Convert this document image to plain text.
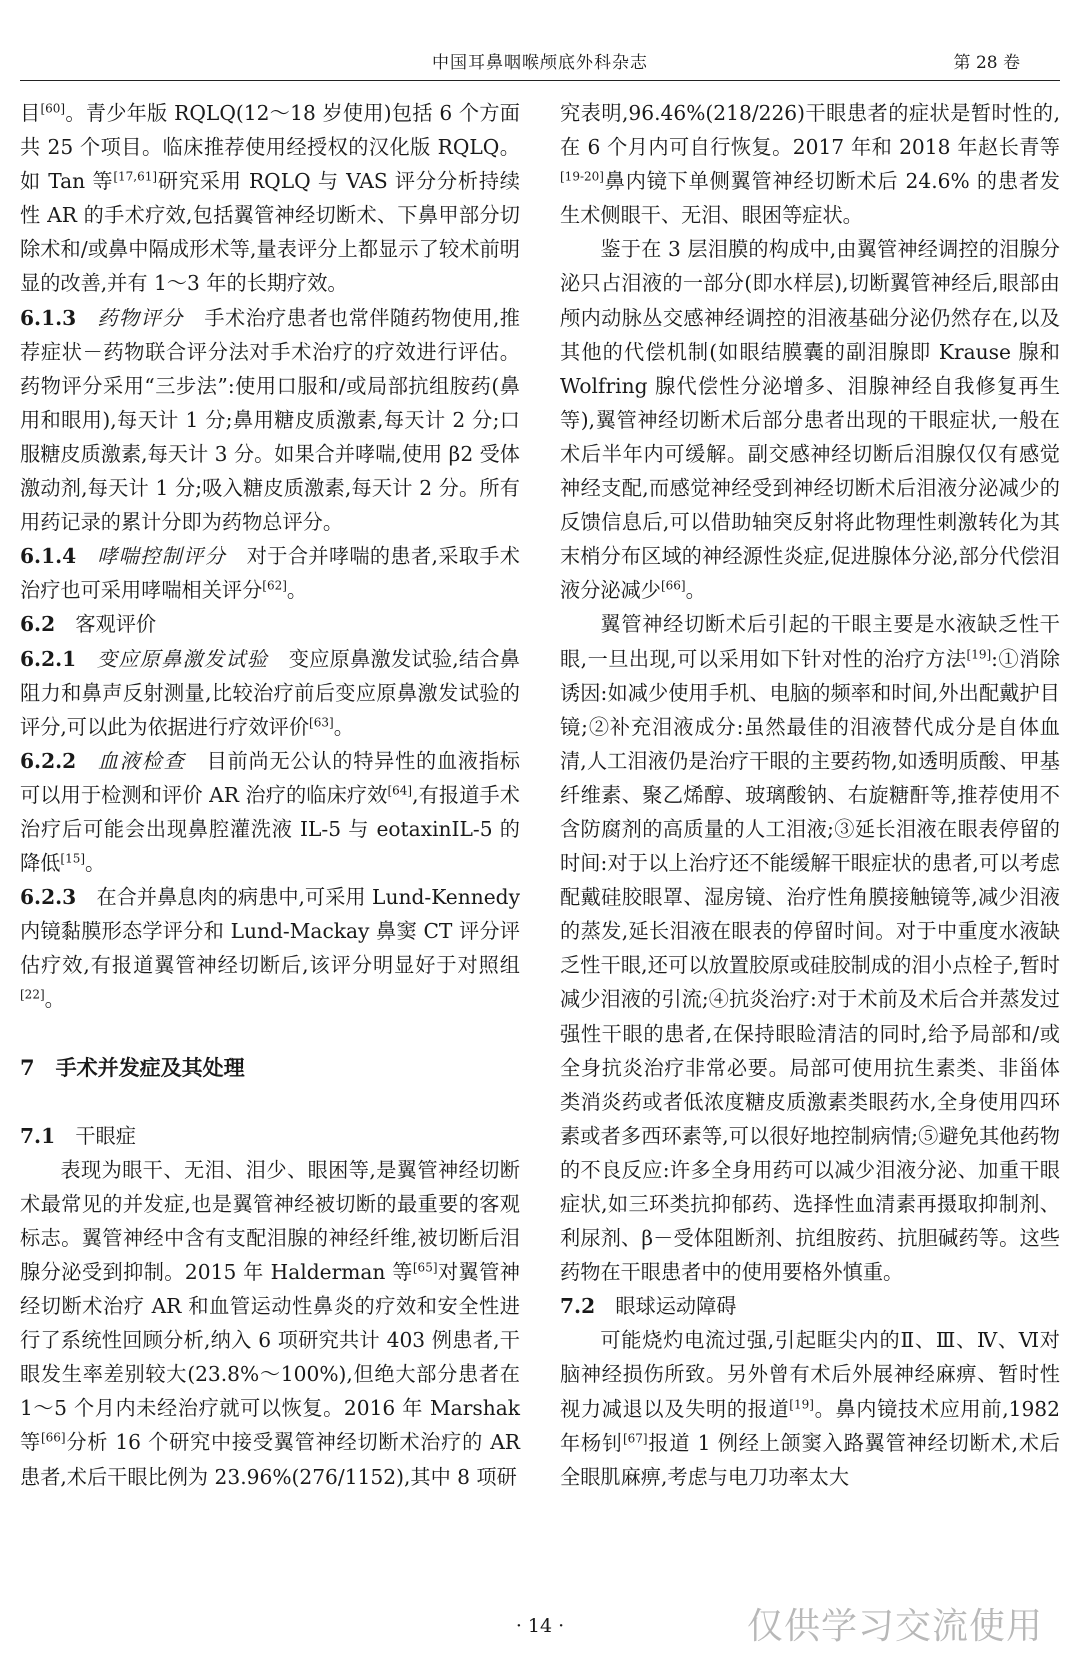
中国耳鼻咽喉颅底外科杂志	第 28 卷

目[60]。青少年版 RQLQ(12～18 岁使用)包括 6 个方面共 25 个项目。临床推荐使用经授权的汉化版 RQLQ。如 Tan 等[17,61]研究采用 RQLQ 与 VAS 评分分析持续性 AR 的手术疗效,包括翼管神经切断术、下鼻甲部分切除术和/或鼻中隔成形术等,量表评分上都显示了较术前明显的改善,并有 1～3 年的长期疗效。

6.1.3　 药物评分　 手术治疗患者也常伴随药物使用,推荐症状－药物联合评分法对手术治疗的疗效进行评估。药物评分采用“三步法”:使用口服和/或局部抗组胺药(鼻用和眼用),每天计 1 分;鼻用糖皮质激素,每天计 2 分;口服糖皮质激素,每天计 3 分。如果合并哮喘,使用 β2 受体激动剂,每天计 1 分;吸入糖皮质激素,每天计 2 分。所有用药记录的累计分即为药物总评分。

6.1.4　 哮喘控制评分　 对于合并哮喘的患者,采取手术治疗也可采用哮喘相关评分[62]。

6.2　 客观评价

6.2.1　 变应原鼻激发试验　 变应原鼻激发试验,结合鼻阻力和鼻声反射测量,比较治疗前后变应原鼻激发试验的评分,可以此为依据进行疗效评价[63]。

6.2.2　 血液检查　 目前尚无公认的特异性的血液指标可以用于检测和评价 AR 治疗的临床疗效[64],有报道手术治疗后可能会出现鼻腔灌洗液 IL-5 与 eotaxinIL-5 的降低[15]。

6.2.3　 在合并鼻息肉的病患中,可采用 Lund-Kennedy 内镜黏膜形态学评分和 Lund-Mackay 鼻窦 CT 评分评估疗效,有报道翼管神经切断后,该评分明显好于对照组[22]。

7　手术并发症及其处理

7.1　 干眼症

表现为眼干、无泪、泪少、眼困等,是翼管神经切断术最常见的并发症,也是翼管神经被切断的最重要的客观标志。翼管神经中含有支配泪腺的神经纤维,被切断后泪腺分泌受到抑制。2015 年 Halderman 等[65]对翼管神经切断术治疗 AR 和血管运动性鼻炎的疗效和安全性进行了系统性回顾分析,纳入 6 项研究共计 403 例患者,干眼发生率差别较大(23.8%～100%),但绝大部分患者在 1～5 个月内未经治疗就可以恢复。2016 年 Marshak 等[66]分析 16 个研究中接受翼管神经切断术治疗的 AR 患者,术后干眼比例为 23.96%(276/1152),其中 8 项研

究表明,96.46%(218/226)干眼患者的症状是暂时性的,在 6 个月内可自行恢复。2017 年和 2018 年赵长青等[19-20]鼻内镜下单侧翼管神经切断术后 24.6% 的患者发生术侧眼干、无泪、眼困等症状。

鉴于在 3 层泪膜的构成中,由翼管神经调控的泪腺分泌只占泪液的一部分(即水样层),切断翼管神经后,眼部由颅内动脉丛交感神经调控的泪液基础分泌仍然存在,以及其他的代偿机制(如眼结膜囊的副泪腺即 Krause 腺和 Wolfring 腺代偿性分泌增多、泪腺神经自我修复再生等),翼管神经切断术后部分患者出现的干眼症状,一般在术后半年内可缓解。副交感神经切断后泪腺仅仅有感觉神经支配,而感觉神经受到神经切断术后泪液分泌减少的反馈信息后,可以借助轴突反射将此物理性刺激转化为其末梢分布区域的神经源性炎症,促进腺体分泌,部分代偿泪液分泌减少[66]。

翼管神经切断术后引起的干眼主要是水液缺乏性干眼,一旦出现,可以采用如下针对性的治疗方法[19]:①消除诱因:如减少使用手机、电脑的频率和时间,外出配戴护目镜;②补充泪液成分:虽然最佳的泪液替代成分是自体血清,人工泪液仍是治疗干眼的主要药物,如透明质酸、甲基纤维素、聚乙烯醇、玻璃酸钠、右旋糖酐等,推荐使用不含防腐剂的高质量的人工泪液;③延长泪液在眼表停留的时间:对于以上治疗还不能缓解干眼症状的患者,可以考虑配戴硅胶眼罩、湿房镜、治疗性角膜接触镜等,减少泪液的蒸发,延长泪液在眼表的停留时间。对于中重度水液缺乏性干眼,还可以放置胶原或硅胶制成的泪小点栓子,暂时减少泪液的引流;④抗炎治疗:对于术前及术后合并蒸发过强性干眼的患者,在保持眼睑清洁的同时,给予局部和/或全身抗炎治疗非常必要。局部可使用抗生素类、非甾体类消炎药或者低浓度糖皮质激素类眼药水,全身使用四环素或者多西环素等,可以很好地控制病情;⑤避免其他药物的不良反应:许多全身用药可以减少泪液分泌、加重干眼症状,如三环类抗抑郁药、选择性血清素再摄取抑制剂、利尿剂、β－受体阻断剂、抗组胺药、抗胆碱药等。这些药物在干眼患者中的使用要格外慎重。

7.2　 眼球运动障碍

可能烧灼电流过强,引起眶尖内的Ⅱ、Ⅲ、Ⅳ、Ⅵ对脑神经损伤所致。另外曾有术后外展神经麻痹、暂时性视力减退以及失明的报道[19]。鼻内镜技术应用前,1982 年杨钊[67]报道 1 例经上颌窦入路翼管神经切断术,术后全眼肌麻痹,考虑与电刀功率太大

· 14 ·	仅供学习交流使用
